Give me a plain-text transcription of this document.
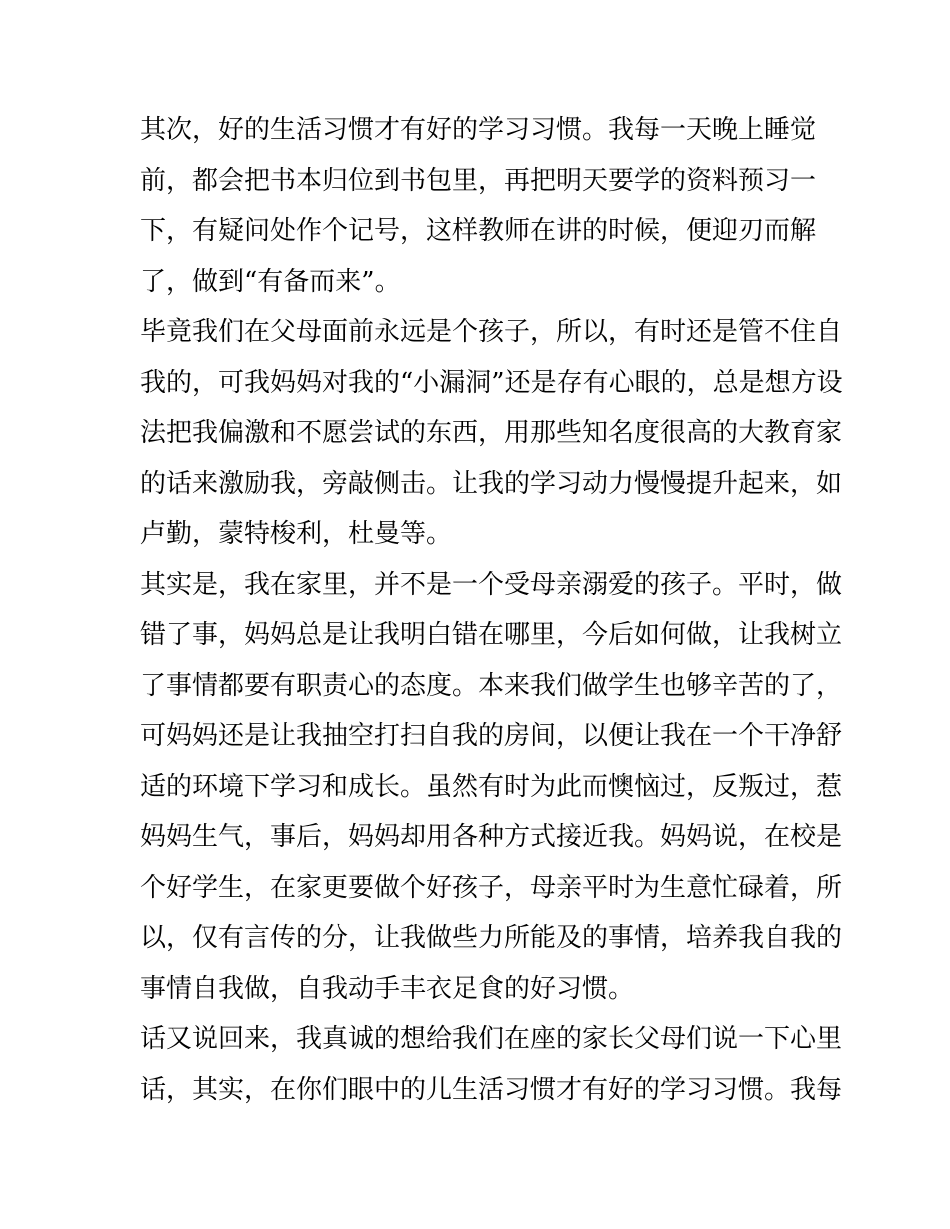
其次，好的生活习惯才有好的学习习惯。我每一天晚上睡觉
前，都会把书本归位到书包里，再把明天要学的资料预习一
下，有疑问处作个记号，这样教师在讲的时候，便迎刃而解
了，做到“有备而来”。
毕竟我们在父母面前永远是个孩子，所以，有时还是管不住自
我的，可我妈妈对我的“小漏洞”还是存有心眼的，总是想方设
法把我偏激和不愿尝试的东西，用那些知名度很高的大教育家
的话来激励我，旁敲侧击。让我的学习动力慢慢提升起来，如
卢勤，蒙特梭利，杜曼等。
其实是，我在家里，并不是一个受母亲溺爱的孩子。平时，做
错了事，妈妈总是让我明白错在哪里，今后如何做，让我树立
了事情都要有职责心的态度。本来我们做学生也够辛苦的了，
可妈妈还是让我抽空打扫自我的房间，以便让我在一个干净舒
适的环境下学习和成长。虽然有时为此而懊恼过，反叛过，惹
妈妈生气，事后，妈妈却用各种方式接近我。妈妈说，在校是
个好学生，在家更要做个好孩子，母亲平时为生意忙碌着，所
以，仅有言传的分，让我做些力所能及的事情，培养我自我的
事情自我做，自我动手丰衣足食的好习惯。
话又说回来，我真诚的想给我们在座的家长父母们说一下心里
话，其实，在你们眼中的儿生活习惯才有好的学习习惯。我每
